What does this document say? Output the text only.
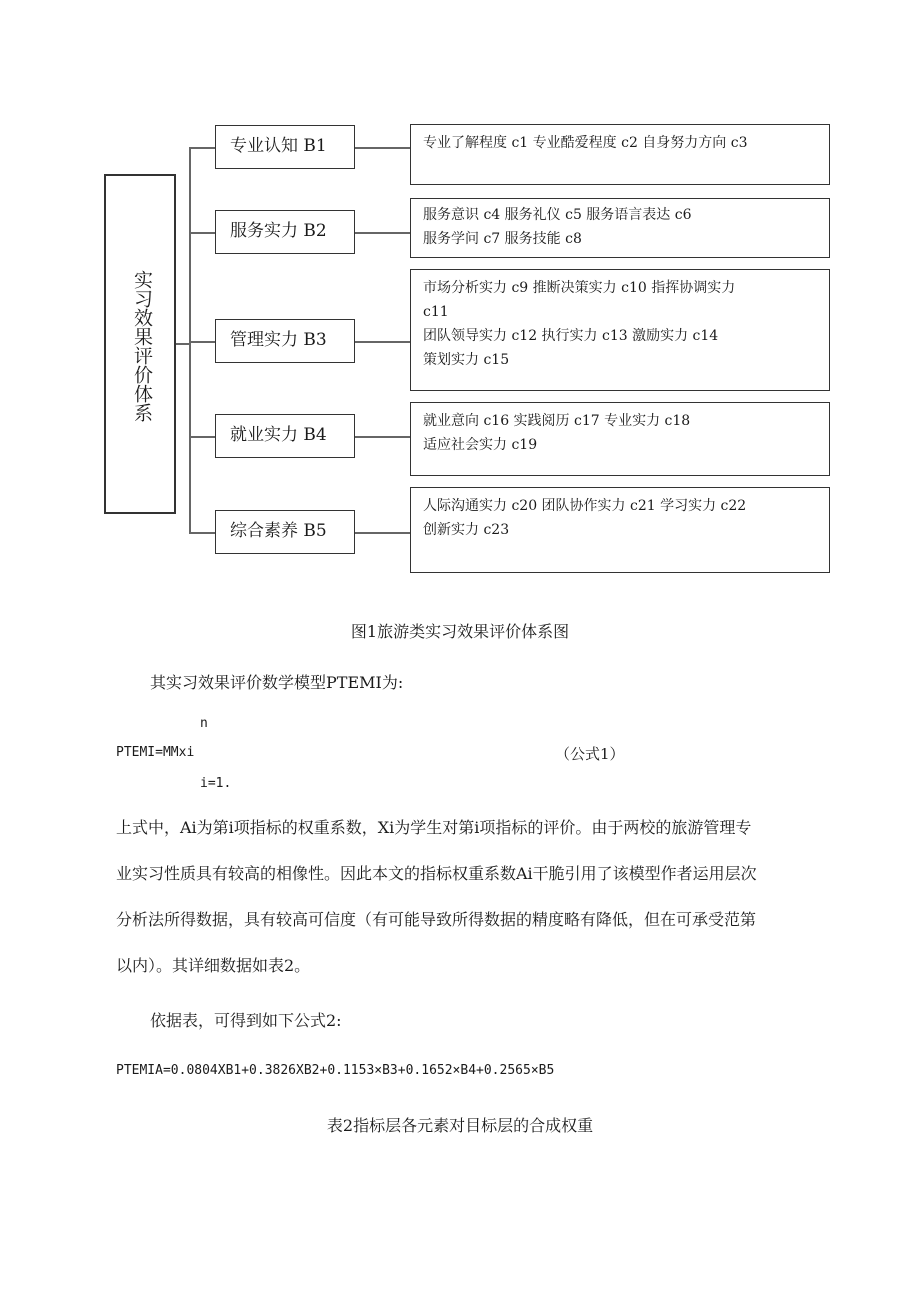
实习效果评价体系
专业认知 B1
服务实力 B2
管理实力 B3
就业实力 B4
综合素养 B5
专业了解程度 c1 专业酷爱程度 c2 自身努力方向 c3
服务意识 c4 服务礼仪 c5 服务语言表达 c6
服务学问 c7 服务技能 c8
市场分析实力 c9 推断决策实力 c10 指挥协调实力
c11
团队领导实力 c12 执行实力 c13 激励实力 c14
策划实力 c15
就业意向 c16 实践阅历 c17 专业实力 c18
适应社会实力 c19
人际沟通实力 c20 团队协作实力 c21 学习实力 c22
创新实力 c23
图1旅游类实习效果评价体系图
其实习效果评价数学模型PTEMI为:
n
PTEMI=MMxi	（公式1）
i=1.
上式中，Ai为第i项指标的权重系数，Xi为学生对第i项指标的评价。由于两校的旅游管理专
业实习性质具有较高的相像性。因此本文的指标权重系数Ai干脆引用了该模型作者运用层次
分析法所得数据，具有较高可信度（有可能导致所得数据的精度略有降低，但在可承受范第
以内）。其详细数据如表2。
依据表，可得到如下公式2:
PTEMIA=0.0804XB1+0.3826XB2+0.1153×B3+0.1652×B4+0.2565×B5
表2指标层各元素对目标层的合成权重
